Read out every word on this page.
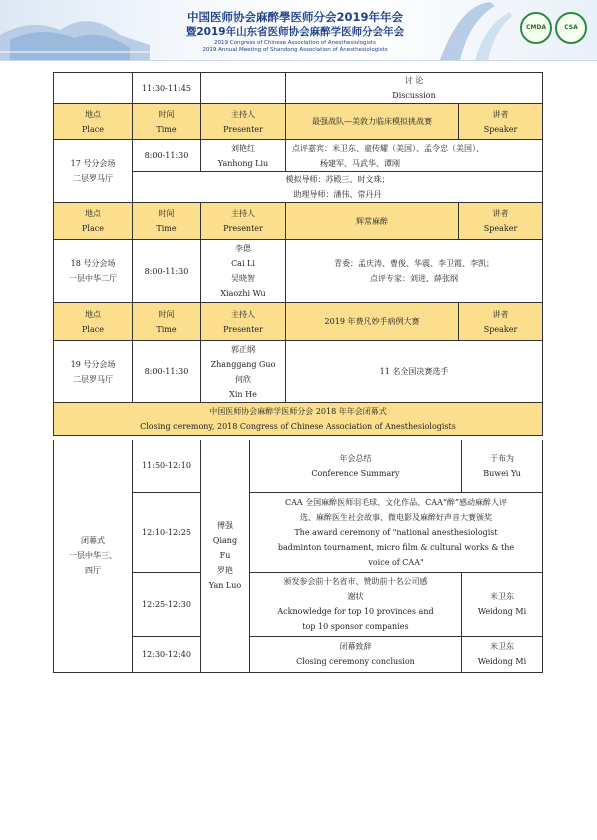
中国医师协会麻醉學医师分会2019年年会
暨2019年山东省医师协会麻醉学医师分会年会
2019 Congress of Chinese Association of Anesthesiologists
2019 Annual Meeting of Shandong Association of Anesthesiologists
CMDA	CSA
	11:30-11:45		讨 论
Discussion	

地点
Place	时间
Time	主持人
Presenter	最强战队—美敦力临床模拟挑战赛	讲者
Speaker

17 号分会场
二层罗马厅	8:00-11:30	刘艳红
Yanhong Liu	点评嘉宾：米卫东、童传耀（美国）、孟令忠（美国）、
杨建军、马武华、谭刚	

	模拟导师：苏殿三、时文珠；
助理导师：潘伟、常丹丹			

地点
Place	时间
Time	主持人
Presenter	辉常麻醉	讲者
Speaker

18 号分会场
一层中华二厅	8:00-11:30	李偲
Cai Li
吴晓智
Xiaozhi Wu	青委：孟庆涛、曹俊、华震、李卫霞、李凯；
点评专家：刘进、薛张纲	

地点
Place	时间
Time	主持人
Presenter	2019 年费凡妙手病例大赛	讲者
Speaker

19 号分会场
二层罗马厅	8:00-11:30	郭正纲
Zhanggang Guo
何欣
Xin He	11 名全国决赛选手	

中国医师协会麻醉学医师分会 2018 年年会闭幕式
Closing ceremony, 2018 Congress of Chinese Association of Anesthesiologists				
闭幕式
一层中华三、
四厅	11:50-12:10	傅强
Qiang
Fu
罗艳
Yan Luo	年会总结
Conference Summary	于布为
Buwei Yu

	12:10-12:25		CAA 全国麻醉医师羽毛球、文化作品、CAA“醉”感动麻醉人评
选、麻醉医生社会故事、微电影及麻醉好声音大赛颁奖
The award ceremony of "national anesthesiologist
badminton tournament, micro film & cultural works & the
voice of CAA"	

	12:25-12:30		颁发参会前十名省市、赞助前十名公司感
谢状
Acknowledge for top 10 provinces and
top 10 sponsor companies	米卫东
Weidong Mi

	12:30-12:40		闭幕致辞
Closing ceremony conclusion	米卫东
Weidong Mi
